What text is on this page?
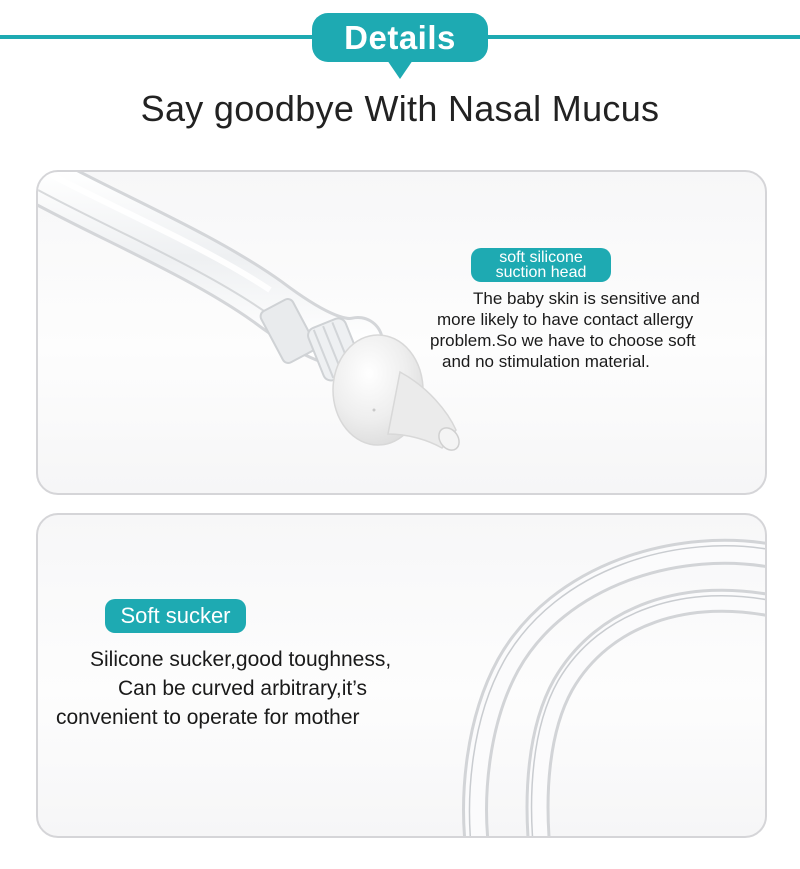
Details
Say goodbye With Nasal Mucus
soft silicone
suction head
The baby skin is sensitive and
more likely to have contact allergy
problem.So we have to choose soft
and no stimulation material.
Soft sucker
Silicone sucker,good toughness,
Can be curved arbitrary,it’s
convenient to operate for mother
